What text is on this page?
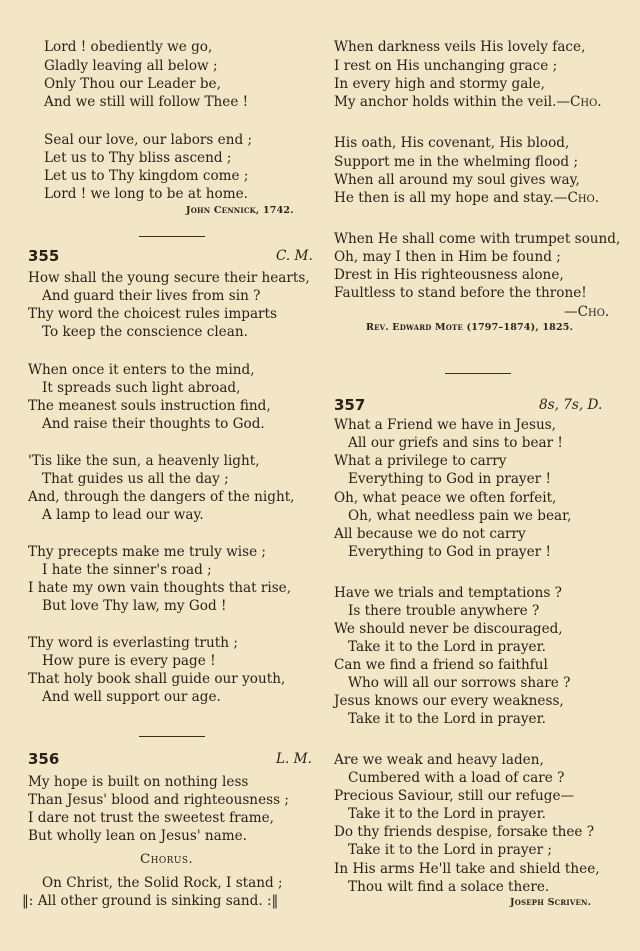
Lord ! obediently we go,
Gladly leaving all below ;
Only Thou our Leader be,
And we still will follow Thee !
Seal our love, our labors end ;
Let us to Thy bliss ascend ;
Let us to Thy kingdom come ;
Lord ! we long to be at home.
John Cennick, 1742.
355	C. M.
How shall the young secure their hearts,
And guard their lives from sin ?
Thy word the choicest rules imparts
To keep the conscience clean.
When once it enters to the mind,
It spreads such light abroad,
The meanest souls instruction find,
And raise their thoughts to God.
'Tis like the sun, a heavenly light,
That guides us all the day ;
And, through the dangers of the night,
A lamp to lead our way.
Thy precepts make me truly wise ;
I hate the sinner's road ;
I hate my own vain thoughts that rise,
But love Thy law, my God !
Thy word is everlasting truth ;
How pure is every page !
That holy book shall guide our youth,
And well support our age.
356	L. M.
My hope is built on nothing less
Than Jesus' blood and righteousness ;
I dare not trust the sweetest frame,
But wholly lean on Jesus' name.
Chorus.
On Christ, the Solid Rock, I stand ;
‖: All other ground is sinking sand. :‖
When darkness veils His lovely face,
I rest on His unchanging grace ;
In every high and stormy gale,
My anchor holds within the veil.—Cho.
His oath, His covenant, His blood,
Support me in the whelming flood ;
When all around my soul gives way,
He then is all my hope and stay.—Cho.
When He shall come with trumpet sound,
Oh, may I then in Him be found ;
Drest in His righteousness alone,
Faultless to stand before the throne!
—Cho.
Rev. Edward Mote (1797–1874), 1825.
357	8s, 7s, D.
What a Friend we have in Jesus,
All our griefs and sins to bear !
What a privilege to carry
Everything to God in prayer !
Oh, what peace we often forfeit,
Oh, what needless pain we bear,
All because we do not carry
Everything to God in prayer !
Have we trials and temptations ?
Is there trouble anywhere ?
We should never be discouraged,
Take it to the Lord in prayer.
Can we find a friend so faithful
Who will all our sorrows share ?
Jesus knows our every weakness,
Take it to the Lord in prayer.
Are we weak and heavy laden,
Cumbered with a load of care ?
Precious Saviour, still our refuge—
Take it to the Lord in prayer.
Do thy friends despise, forsake thee ?
Take it to the Lord in prayer ;
In His arms He'll take and shield thee,
Thou wilt find a solace there.
Joseph Scriven.
